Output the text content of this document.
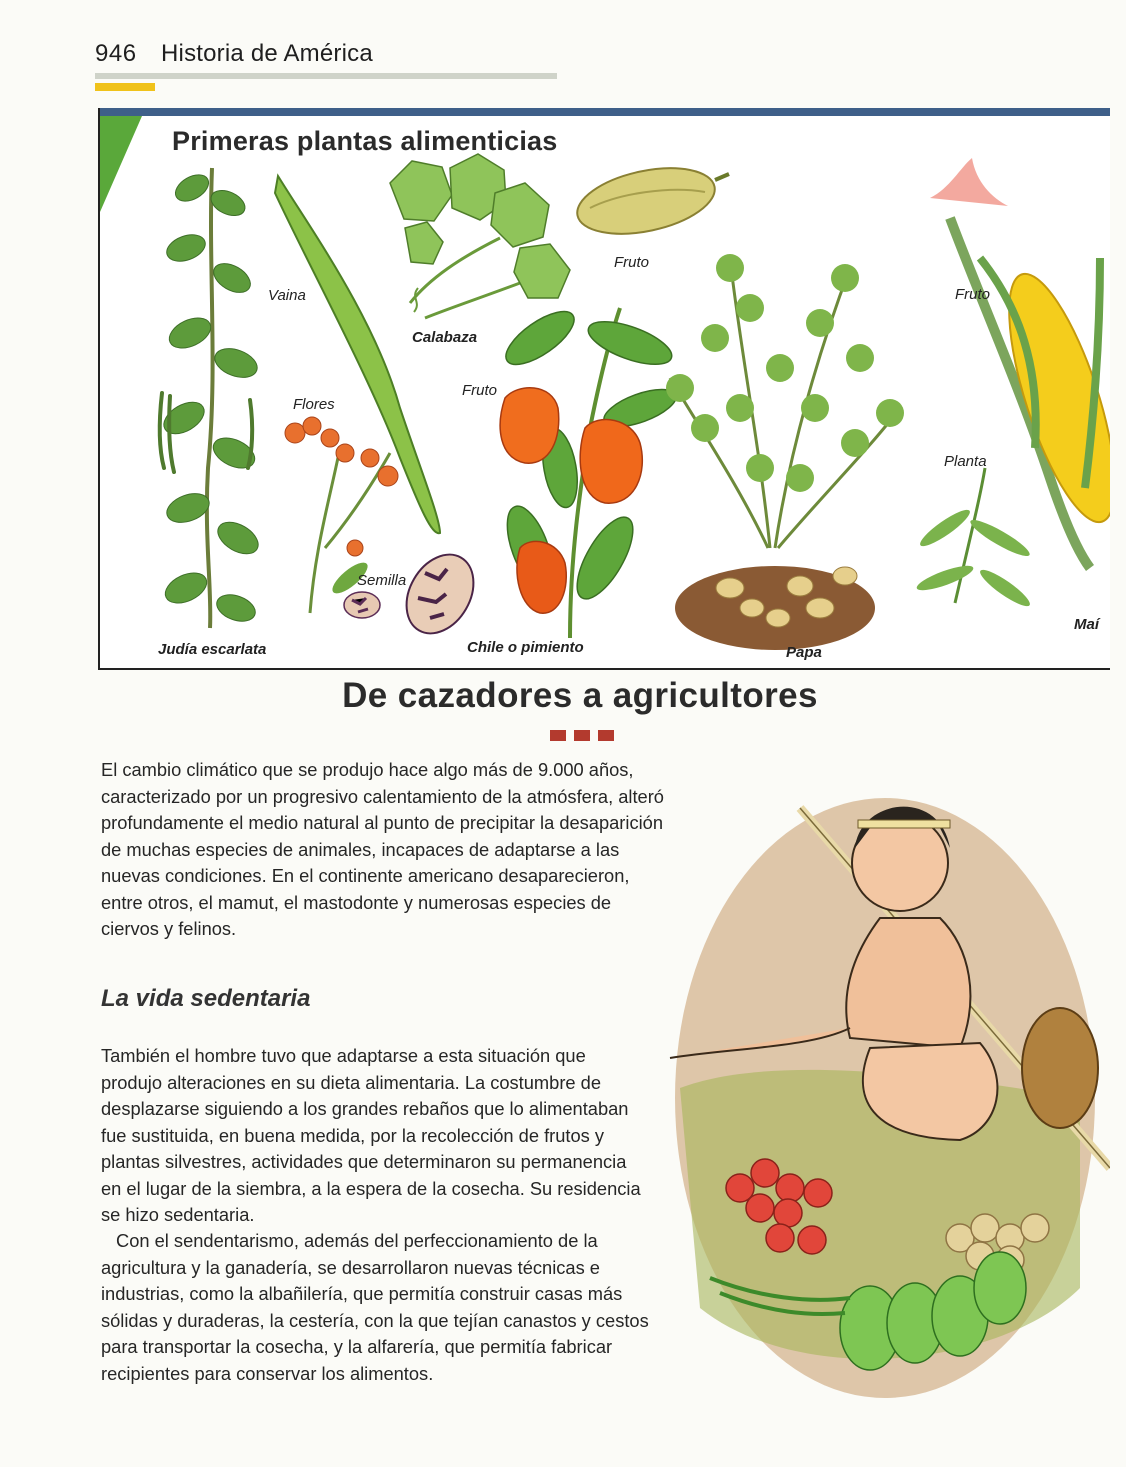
946 Historia de América
Primeras plantas alimenticias
Vaina
Flores
Semilla
Calabaza
Fruto
Fruto
Fruto
Planta
Judía escarlata	Chile o pimiento	Papa
Maí
De cazadores a agricultores
El cambio climático que se produjo hace algo más de 9.000 años, caracterizado por un progresivo calentamiento de la atmósfera, alteró profundamente el medio natural al punto de precipitar la desaparición de muchas especies de animales, incapaces de adaptarse a las nuevas condiciones. En el continente americano desaparecieron, entre otros, el mamut, el mastodonte y numerosas especies de ciervos y felinos.
La vida sedentaria
También el hombre tuvo que adaptarse a esta situación que produjo alteraciones en su dieta alimentaria. La costumbre de desplazarse siguiendo a los grandes rebaños que lo alimentaban fue sustituida, en buena medida, por la recolección de frutos y plantas silvestres, actividades que determinaron su permanencia en el lugar de la siembra, a la espera de la cosecha. Su residencia se hizo sedentaria.
Con el sendentarismo, además del perfeccionamiento de la agricultura y la ganadería, se desarrollaron nuevas técnicas e industrias, como la albañilería, que permitía construir casas más sólidas y duraderas, la cestería, con la que tejían canastos y cestos para transportar la cosecha, y la alfarería, que permitía fabricar recipientes para conservar los alimentos.
